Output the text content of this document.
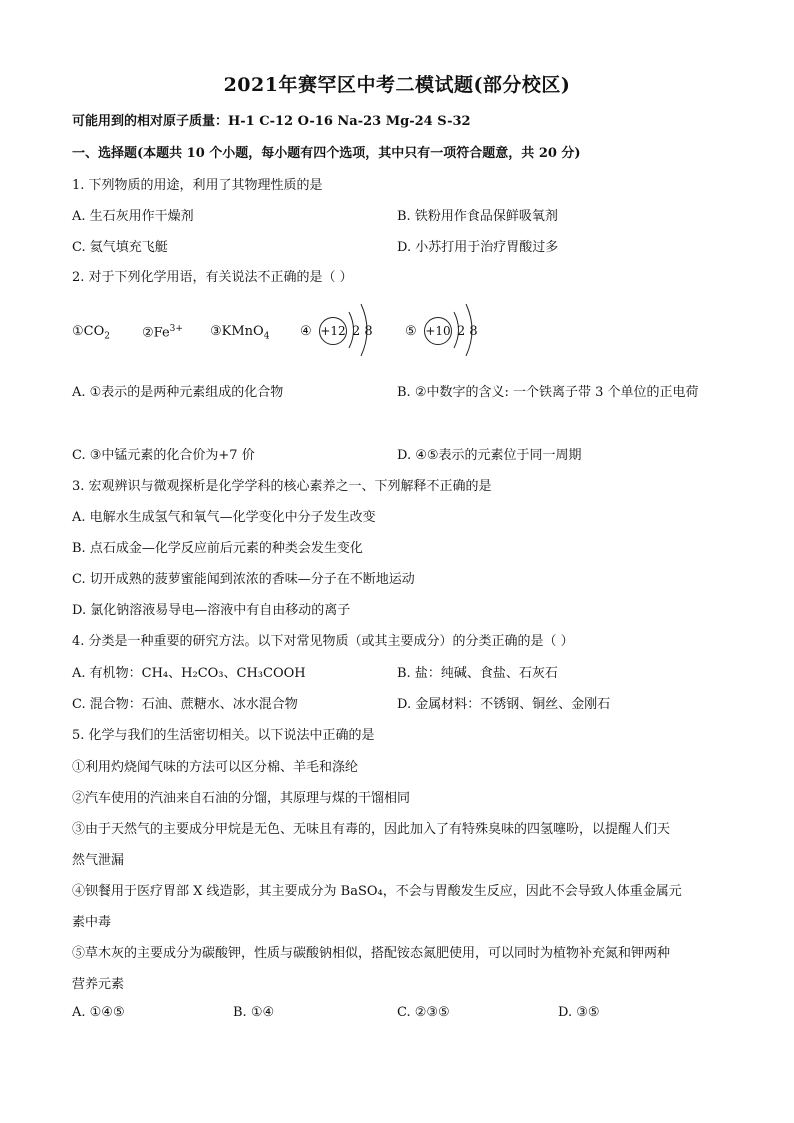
2021年赛罕区中考二模试题(部分校区)
可能用到的相对原子质量：H-1 C-12 O-16 Na-23 Mg-24 S-32
一、选择题(本题共 10 个小题，每小题有四个选项，其中只有一项符合题意，共 20 分)
1. 下列物质的用途，利用了其物理性质的是
A. 生石灰用作干燥剂	B. 铁粉用作食品保鲜吸氧剂
C. 氦气填充飞艇	D. 小苏打用于治疗胃酸过多
2. 对于下列化学用语，有关说法不正确的是（ ）
$①CO_2$ $②Fe^{3+}$ ③KMnO$_4$ ④ +12 2 8 ⑤ +10 2 8
A. ①表示的是两种元素组成的化合物	B. ②中数字的含义: 一个铁离子带 3 个单位的正电荷
C. ③中锰元素的化合价为+7 价	D. ④⑤表示的元素位于同一周期
3. 宏观辨识与微观探析是化学学科的核心素养之一、下列解释不正确的是
A. 电解水生成氢气和氧气—化学变化中分子发生改变
B. 点石成金—化学反应前后元素的种类会发生变化
C. 切开成熟的菠萝蜜能闻到浓浓的香味—分子在不断地运动
D. 氯化钠溶液易导电—溶液中有自由移动的离子
4. 分类是一种重要的研究方法。以下对常见物质（或其主要成分）的分类正确的是（ ）
A. 有机物：CH₄、H₂CO₃、CH₃COOH	B. 盐：纯碱、食盐、石灰石
C. 混合物：石油、蔗糖水、冰水混合物	D. 金属材料：不锈钢、铜丝、金刚石
5. 化学与我们的生活密切相关。以下说法中正确的是
①利用灼烧闻气味的方法可以区分棉、羊毛和涤纶
②汽车使用的汽油来自石油的分馏，其原理与煤的干馏相同
③由于天然气的主要成分甲烷是无色、无味且有毒的，因此加入了有特殊臭味的四氢噻吩，以提醒人们天
然气泄漏
④钡餐用于医疗胃部 X 线造影，其主要成分为 BaSO₄，不会与胃酸发生反应，因此不会导致人体重金属元
素中毒
⑤草木灰的主要成分为碳酸钾，性质与碳酸钠相似，搭配铵态氮肥使用，可以同时为植物补充氮和钾两种
营养元素
A. ①④⑤	B. ①④	C. ②③⑤	D. ③⑤
